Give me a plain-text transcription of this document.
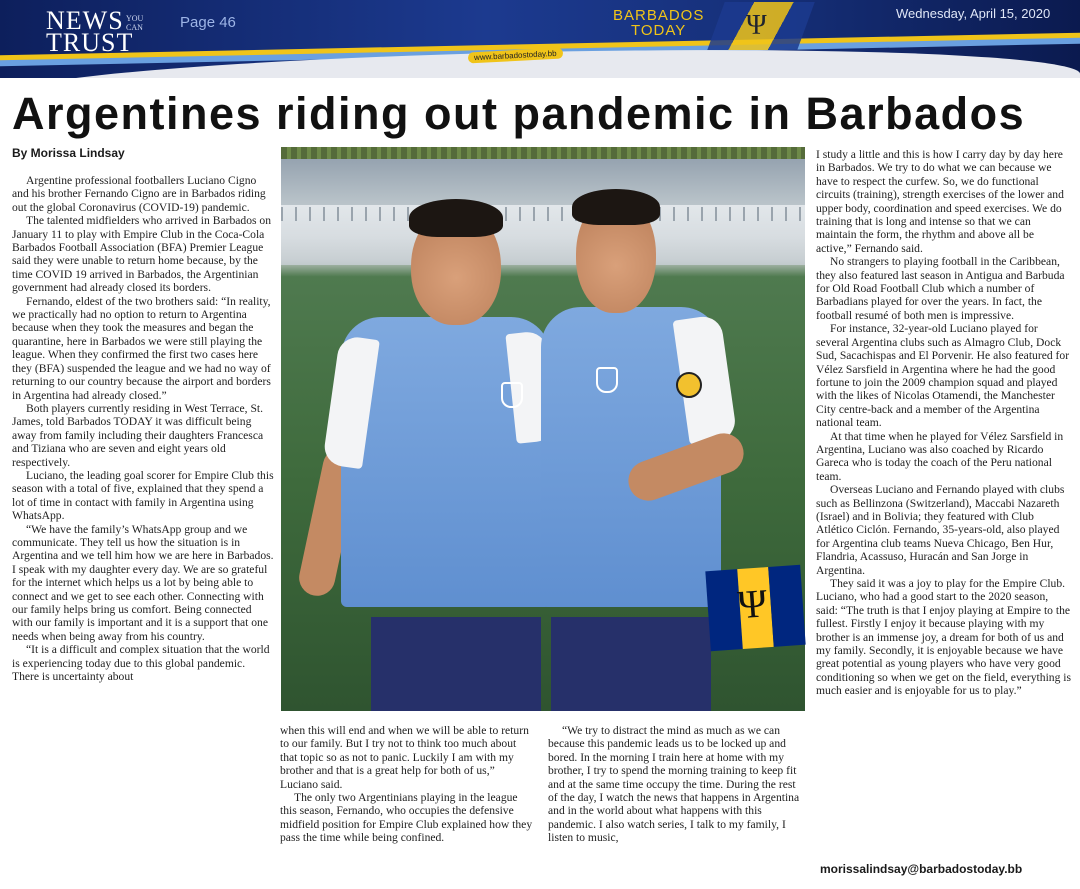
NEWS YOU CAN
TRUST
Page 46	BARBADOS
TODAY	Ψ
www.barbadostoday.bb
Wednesday, April 15, 2020
Argentines riding out pandemic in Barbados
By Morissa Lindsay

Argentine professional footballers Luciano Cigno and his brother Fernando Cigno are in Barbados riding out the global Coronavirus (COVID-19) pandemic.

The talented midfielders who arrived in Barbados on January 11 to play with Empire Club in the Coca-Cola Barbados Football Association (BFA) Premier League said they were unable to return home because, by the time COVID 19 arrived in Barbados, the Argentinian government had already closed its borders.

Fernando, eldest of the two brothers said: “In reality, we practically had no option to return to Argentina because when they took the measures and began the quarantine, here in Barbados we were still playing the league. When they confirmed the first two cases here they (BFA) suspended the league and we had no way of returning to our country because the airport and borders in Argentina had already closed.”

Both players currently residing in West Terrace, St. James, told Barbados TODAY it was difficult being away from family including their daughters Francesca and Tiziana who are seven and eight years old respectively.

Luciano, the leading goal scorer for Empire Club this season with a total of five, explained that they spend a lot of time in contact with family in Argentina using WhatsApp.

“We have the family’s WhatsApp group and we communicate. They tell us how the situation is in Argentina and we tell him how we are here in Barbados. I speak with my daughter every day. We are so grateful for the internet which helps us a lot by being able to connect and we get to see each other. Connecting with our family helps bring us comfort. Being connected with our family is important and it is a support that one needs when being away from his country.

“It is a difficult and complex situation that the world is experiencing today due to this global pandemic. There is uncertainty about

Ψ

when this will end and when we will be able to return to our family. But I try not to think too much about that topic so as not to panic. Luckily I am with my brother and that is a great help for both of us,” Luciano said.

The only two Argentinians playing in the league this season, Fernando, who occupies the defensive midfield position for Empire Club explained how they pass the time while being confined.

“We try to distract the mind as much as we can because this pandemic leads us to be locked up and bored. In the morning I train here at home with my brother, I try to spend the morning training to keep fit and at the same time occupy the time. During the rest of the day, I watch the news that happens in Argentina and in the world about what happens with this pandemic. I also watch series, I talk to my family, I listen to music,

I study a little and this is how I carry day by day here in Barbados. We try to do what we can because we have to respect the curfew. So, we do functional circuits (training), strength exercises of the lower and upper body, coordination and speed exercises. We do training that is long and intense so that we can maintain the form, the rhythm and above all be active,” Fernando said.

No strangers to playing football in the Caribbean, they also featured last season in Antigua and Barbuda for Old Road Football Club which a number of Barbadians played for over the years. In fact, the football resumé of both men is impressive.

For instance, 32-year-old Luciano played for several Argentina clubs such as Almagro Club, Dock Sud, Sacachispas and El Porvenir. He also featured for Vélez Sarsfield in Argentina where he had the good fortune to join the 2009 champion squad and played with the likes of Nicolas Otamendi, the Manchester City centre-back and a member of the Argentina national team.

At that time when he played for Vélez Sarsfield in Argentina, Luciano was also coached by Ricardo Gareca who is today the coach of the Peru national team.

Overseas Luciano and Fernando played with clubs such as Bellinzona (Switzerland), Maccabi Nazareth (Israel) and in Bolivia; they featured with Club Atlético Ciclón. Fernando, 35-years-old, also played for Argentina club teams Nueva Chicago, Ben Hur, Flandria, Acassuso, Huracán and San Jorge in Argentina.

They said it was a joy to play for the Empire Club. Luciano, who had a good start to the 2020 season, said: “The truth is that I enjoy playing at Empire to the fullest. Firstly I enjoy it because playing with my brother is an immense joy, a dream for both of us and my family. Secondly, it is enjoyable because we have great potential as young players who have very good conditioning so when we get on the field, everything is much easier and is enjoyable for us to play.”

morissalindsay@barbadostoday.bb
